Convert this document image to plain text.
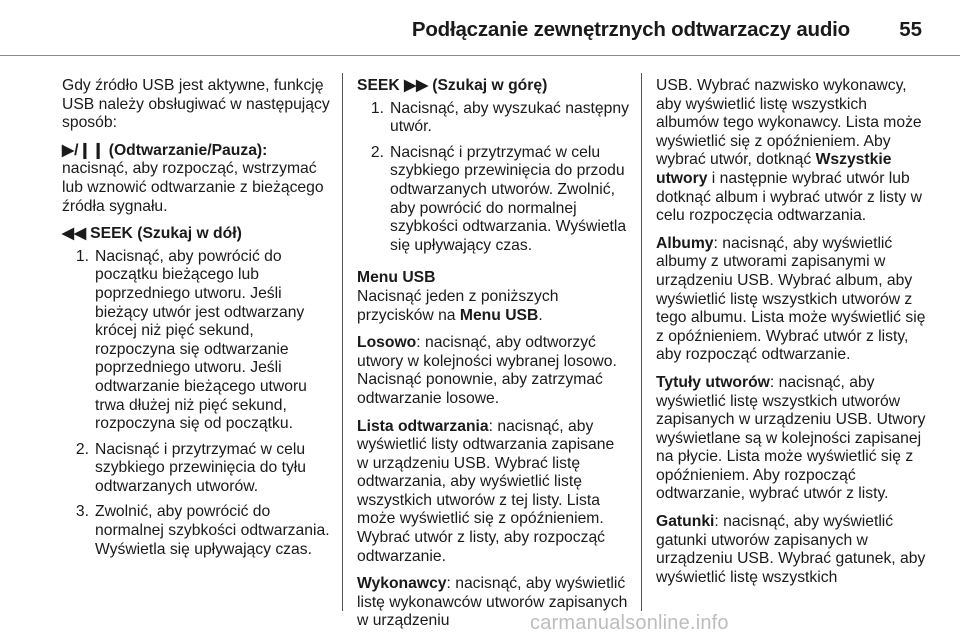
Podłączanie zewnętrznych odtwarzaczy audio 55

Gdy źródło USB jest aktywne, funkcję USB należy obsługiwać w następujący sposób:

▶/❙❙ (Odtwarzanie/Pauza): nacisnąć, aby rozpocząć, wstrzymać lub wznowić odtwarzanie z bieżącego źródła sygnału.

◀◀ SEEK (Szukaj w dół)

1. Nacisnąć, aby powrócić do początku bieżącego lub poprzedniego utworu. Jeśli bieżący utwór jest odtwarzany krócej niż pięć sekund, rozpoczyna się odtwarzanie poprzedniego utworu. Jeśli odtwarzanie bieżącego utworu trwa dłużej niż pięć sekund, rozpoczyna się od początku.
2. Nacisnąć i przytrzymać w celu szybkiego przewinięcia do tyłu odtwarzanych utworów.
3. Zwolnić, aby powrócić do normalnej szybkości odtwarzania. Wyświetla się upływający czas.

SEEK ▶▶ (Szukaj w górę)

1. Nacisnąć, aby wyszukać następny utwór.
2. Nacisnąć i przytrzymać w celu szybkiego przewinięcia do przodu odtwarzanych utworów. Zwolnić, aby powrócić do normalnej szybkości odtwarzania. Wyświetla się upływający czas.

Menu USB

Nacisnąć jeden z poniższych przycisków na Menu USB.

Losowo: nacisnąć, aby odtworzyć utwory w kolejności wybranej losowo. Nacisnąć ponownie, aby zatrzymać odtwarzanie losowe.

Lista odtwarzania: nacisnąć, aby wyświetlić listy odtwarzania zapisane w urządzeniu USB. Wybrać listę odtwarzania, aby wyświetlić listę wszystkich utworów z tej listy. Lista może wyświetlić się z opóźnieniem. Wybrać utwór z listy, aby rozpocząć odtwarzanie.

Wykonawcy: nacisnąć, aby wyświetlić listę wykonawców utworów zapisanych w urządzeniu

USB. Wybrać nazwisko wykonawcy, aby wyświetlić listę wszystkich albumów tego wykonawcy. Lista może wyświetlić się z opóźnieniem. Aby wybrać utwór, dotknąć Wszystkie utwory i następnie wybrać utwór lub dotknąć album i wybrać utwór z listy w celu rozpoczęcia odtwarzania.

Albumy: nacisnąć, aby wyświetlić albumy z utworami zapisanymi w urządzeniu USB. Wybrać album, aby wyświetlić listę wszystkich utworów z tego albumu. Lista może wyświetlić się z opóźnieniem. Wybrać utwór z listy, aby rozpocząć odtwarzanie.

Tytuły utworów: nacisnąć, aby wyświetlić listę wszystkich utworów zapisanych w urządzeniu USB. Utwory wyświetlane są w kolejności zapisanej na płycie. Lista może wyświetlić się z opóźnieniem. Aby rozpocząć odtwarzanie, wybrać utwór z listy.

Gatunki: nacisnąć, aby wyświetlić gatunki utworów zapisanych w urządzeniu USB. Wybrać gatunek, aby wyświetlić listę wszystkich

carmanualsonline.info
